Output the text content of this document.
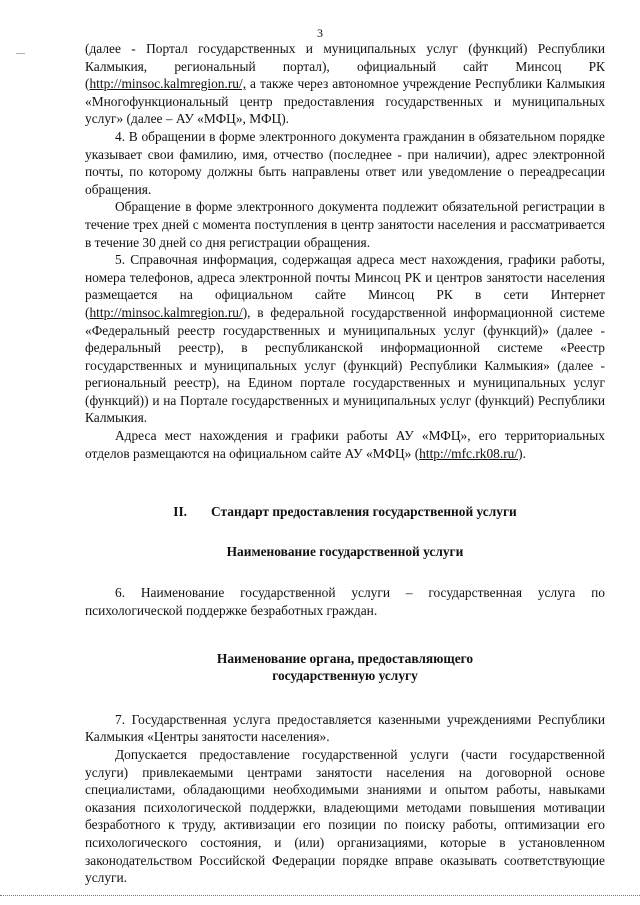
3
—	(далее - Портал государственных и муниципальных услуг (функций) Республики Калмыкия, региональный портал), официальный сайт Минсоц РК (http://minsoc.kalmregion.ru/, а также через автономное учреждение Республики Калмыкия «Многофункциональный центр предоставления государственных и муниципальных услуг» (далее – АУ «МФЦ», МФЦ).

4. В обращении в форме электронного документа гражданин в обязательном порядке указывает свои фамилию, имя, отчество (последнее - при наличии), адрес электронной почты, по которому должны быть направлены ответ или уведомление о переадресации обращения.

Обращение в форме электронного документа подлежит обязательной регистрации в течение трех дней с момента поступления в центр занятости населения и рассматривается в течение 30 дней со дня регистрации обращения.

5. Справочная информация, содержащая адреса мест нахождения, графики работы, номера телефонов, адреса электронной почты Минсоц РК и центров занятости населения размещается на официальном сайте Минсоц РК в сети Интернет (http://minsoc.kalmregion.ru/), в федеральной государственной информационной системе «Федеральный реестр государственных и муниципальных услуг (функций)» (далее - федеральный реестр), в республиканской информационной системе «Реестр государственных и муниципальных услуг (функций) Республики Калмыкия» (далее - региональный реестр), на Едином портале государственных и муниципальных услуг (функций)) и на Портале государственных и муниципальных услуг (функций) Республики Калмыкия.

Адреса мест нахождения и графики работы АУ «МФЦ», его территориальных отделов размещаются на официальном сайте АУ «МФЦ» (http://mfc.rk08.ru/).

II. Стандарт предоставления государственной услуги
Наименование государственной услуги

6. Наименование государственной услуги – государственная услуга по психологической поддержке безработных граждан.

Наименование органа, предоставляющего
государственную услугу

7. Государственная услуга предоставляется казенными учреждениями Республики Калмыкия «Центры занятости населения».

Допускается предоставление государственной услуги (части государственной услуги) привлекаемыми центрами занятости населения на договорной основе специалистами, обладающими необходимыми знаниями и опытом работы, навыками оказания психологической поддержки, владеющими методами повышения мотивации безработного к труду, активизации его позиции по поиску работы, оптимизации его психологического состояния, и (или) организациями, которые в установленном законодательством Российской Федерации порядке вправе оказывать соответствующие услуги.
